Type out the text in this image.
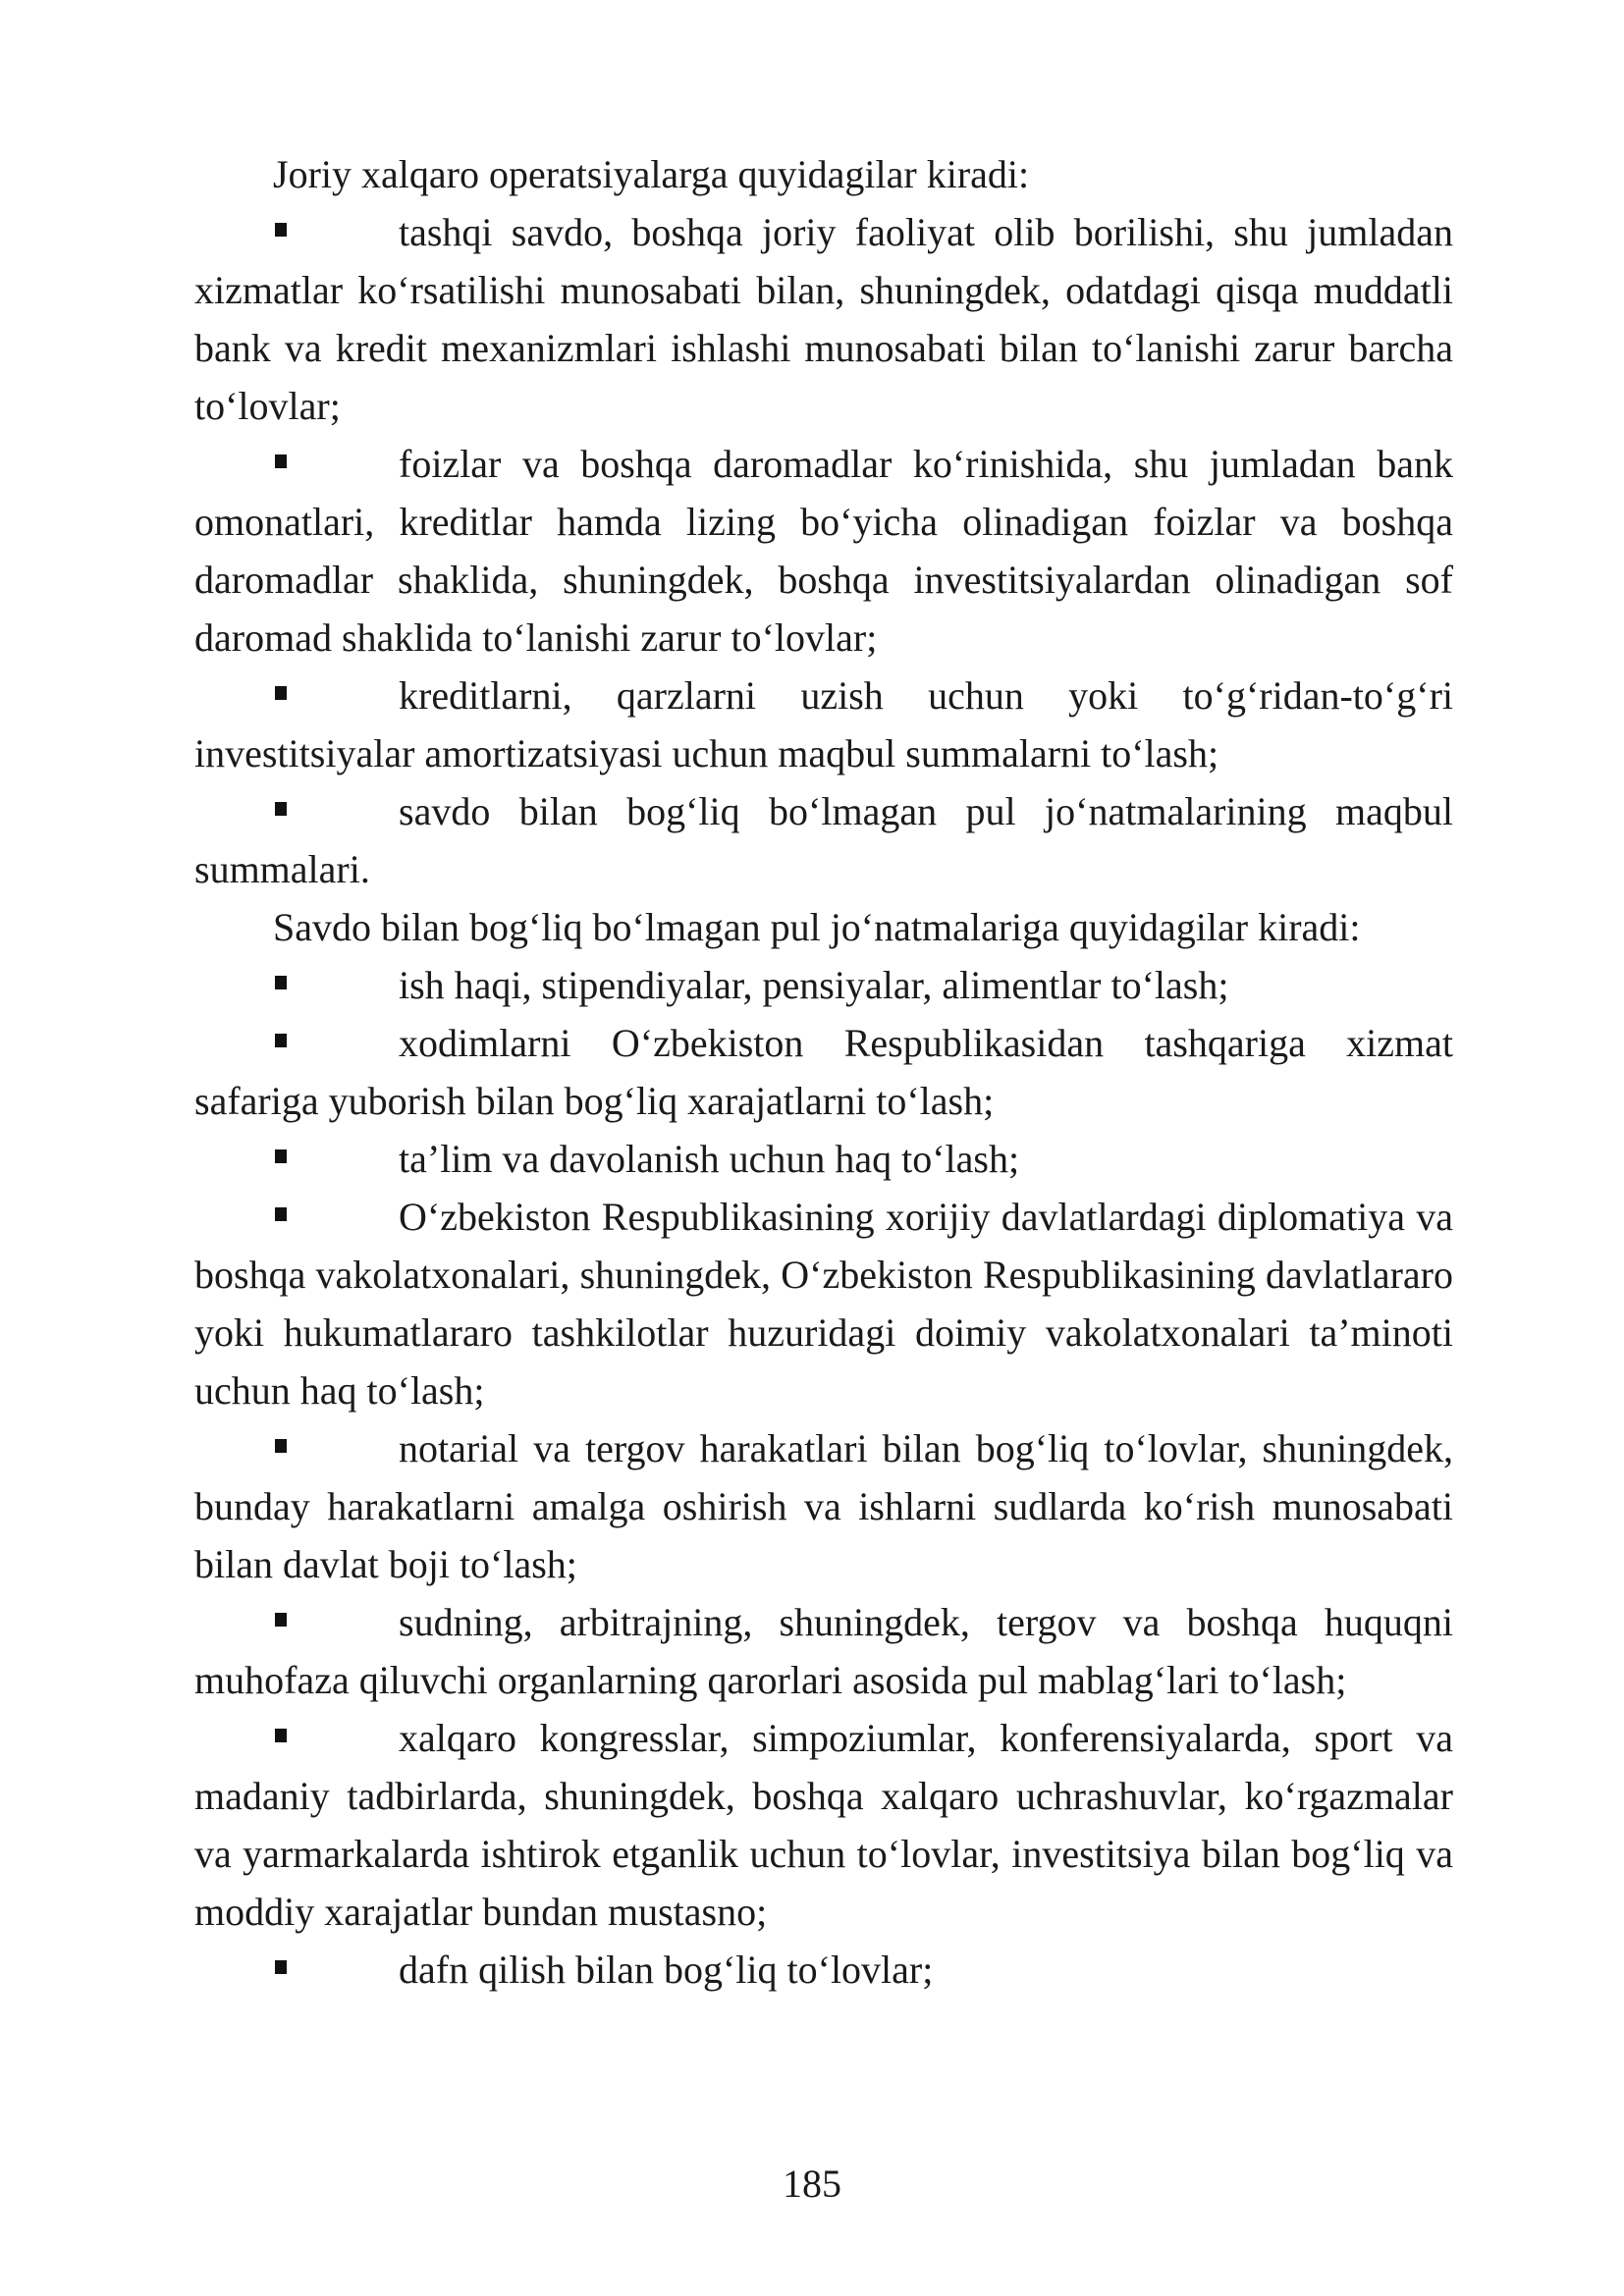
Joriy xalqaro operatsiyalarga quyidagilar kiradi:

tashqi savdo, boshqa joriy faoliyat olib borilishi, shu jumladan xizmatlar ko‘rsatilishi munosabati bilan, shuningdek, odatdagi qisqa muddatli bank va kredit mexanizmlari ishlashi munosabati bilan to‘lanishi zarur barcha to‘lovlar;

foizlar va boshqa daromadlar ko‘rinishida, shu jumladan bank omonatlari, kreditlar hamda lizing bo‘yicha olinadigan foizlar va boshqa daromadlar shaklida, shuningdek, boshqa investitsiyalardan olinadigan sof daromad shaklida to‘lanishi zarur to‘lovlar;

kreditlarni, qarzlarni uzish uchun yoki to‘g‘ridan-to‘g‘ri investitsiyalar amortizatsiyasi uchun maqbul summalarni to‘lash;

savdo bilan bog‘liq bo‘lmagan pul jo‘natmalarining maqbul summalari.

Savdo bilan bog‘liq bo‘lmagan pul jo‘natmalariga quyidagilar kiradi:

ish haqi, stipendiyalar, pensiyalar, alimentlar to‘lash;

xodimlarni O‘zbekiston Respublikasidan tashqariga xizmat safariga yuborish bilan bog‘liq xarajatlarni to‘lash;

ta’lim va davolanish uchun haq to‘lash;

O‘zbekiston Respublikasining xorijiy davlatlardagi diplomatiya va boshqa vakolatxonalari, shuningdek, O‘zbekiston Respublikasining davlatlararo yoki hukumatlararo tashkilotlar huzuridagi doimiy vakolatxonalari ta’minoti uchun haq to‘lash;

notarial va tergov harakatlari bilan bog‘liq to‘lovlar, shuningdek, bunday harakatlarni amalga oshirish va ishlarni sudlarda ko‘rish munosabati bilan davlat boji to‘lash;

sudning, arbitrajning, shuningdek, tergov va boshqa huquqni muhofaza qiluvchi organlarning qarorlari asosida pul mablag‘lari to‘lash;

xalqaro kongresslar, simpoziumlar, konferensiyalarda, sport va madaniy tadbirlarda, shuningdek, boshqa xalqaro uchrashuvlar, ko‘rgazmalar va yarmarkalarda ishtirok etganlik uchun to‘lovlar, investitsiya bilan bog‘liq va moddiy xarajatlar bundan mustasno;

dafn qilish bilan bog‘liq to‘lovlar;

185
